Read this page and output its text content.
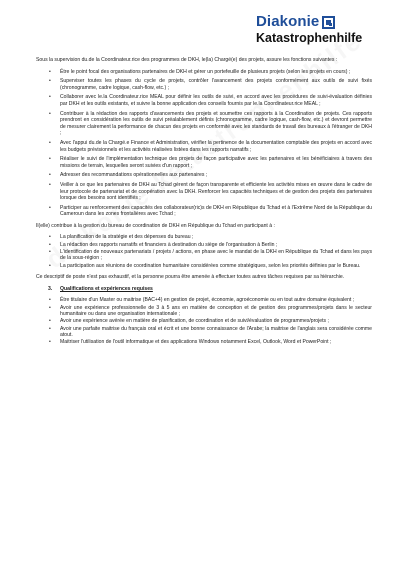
Diakonie
Katastrophenhilfe

Sous la supervision du.de la Coordinateur.rice des programmes de DKH, le(la) Chargé(e) des projets, assure les fonctions suivantes :

• Être le point focal des organisations partenaires de DKH et gérer un portefeuille de plusieurs projets (selon les projets en cours) ;
• Superviser toutes les phases du cycle de projets, contrôler l'avancement des projets conformément aux outils de suivi fixés (chronogramme, cadre logique, cash-flow, etc.) ;
• Collaborer avec le.la Coordinateur.rice MEAL pour définir les outils de suivi, en accord avec les procédures de suivi-évaluation définies par DKH et les outils existants, et suivre la bonne application des conseils fournis par le.la Coordinateur.rice MEAL ;
• Contribuer à la rédaction des rapports d'avancements des projets et soumettre ces rapports à la Coordination de projets. Ces rapports prendront en considération les outils de suivi préalablement définis (chronogramme, cadre logique, cash-flow, etc.) et devront permettre de mesurer clairement la performance de chacun des projets en conformité avec les standards de travail des bureaux à l'étranger de DKH ;
• Avec l'appui du.de la Chargé.e Finance et Administration, vérifier la pertinence de la documentation comptable des projets en accord avec les budgets prévisionnels et les activités réalisées listées dans les rapports narratifs ;
• Réaliser le suivi de l'implémentation technique des projets de façon participative avec les partenaires et les bénéficiaires à travers des missions de terrain, lesquelles seront suivies d'un rapport ;
• Adresser des recommandations opérationnelles aux partenaires ;
• Veiller à ce que les partenaires de DKH au Tchad gèrent de façon transparente et efficiente les activités mises en œuvre dans le cadre de leur protocole de partenariat et de coopération avec la DKH. Renforcer les capacités techniques et de gestion des projets des partenaires lorsque des besoins sont identifiés ;
• Participer au renforcement des capacités des collaborateur(ric)s de DKH en République du Tchad et à l'Extrême Nord de la République du Cameroun dans les zones frontalières avec Tchad ;

Il(elle) contribue à la gestion du bureau de coordination de DKH en République du Tchad en participant à :

• La planification de la stratégie et des dépenses du bureau ;
• La rédaction des rapports narratifs et financiers à destination du siège de l'organisation à Berlin ;
• L'identification de nouveaux partenariats / projets / actions, en phase avec le mandat de la DKH en République du Tchad et dans les pays de la sous-région ;
• La participation aux réunions de coordination humanitaire considérées comme stratégiques, selon les priorités définies par le Bureau.

Ce descriptif de poste n'est pas exhaustif, et la personne pourra être amenée à effectuer toutes autres tâches requises par sa hiérarchie.

3.	Qualifications et expériences requises
• Être titulaire d'un Master ou maitrise (BAC+4) en gestion de projet, économie, agroéconomie ou en tout autre domaine équivalent ;
• Avoir une expérience professionnelle de 3 à 5 ans en matière de conception et de gestion des programmes/projets dans le secteur humanitaire ou dans une organisation internationale ;
• Avoir une expérience avérée en matière de planification, de coordination et de suivi/évaluation de programmes/projets ;
• Avoir une parfaite maitrise du français oral et écrit et une bonne connaissance de l'Arabe; la maitrise de l'anglais sera considérée comme atout.
• Maitriser l'utilisation de l'outil informatique et des applications Windows notamment Excel, Outlook, Word et PowerPoint ;
